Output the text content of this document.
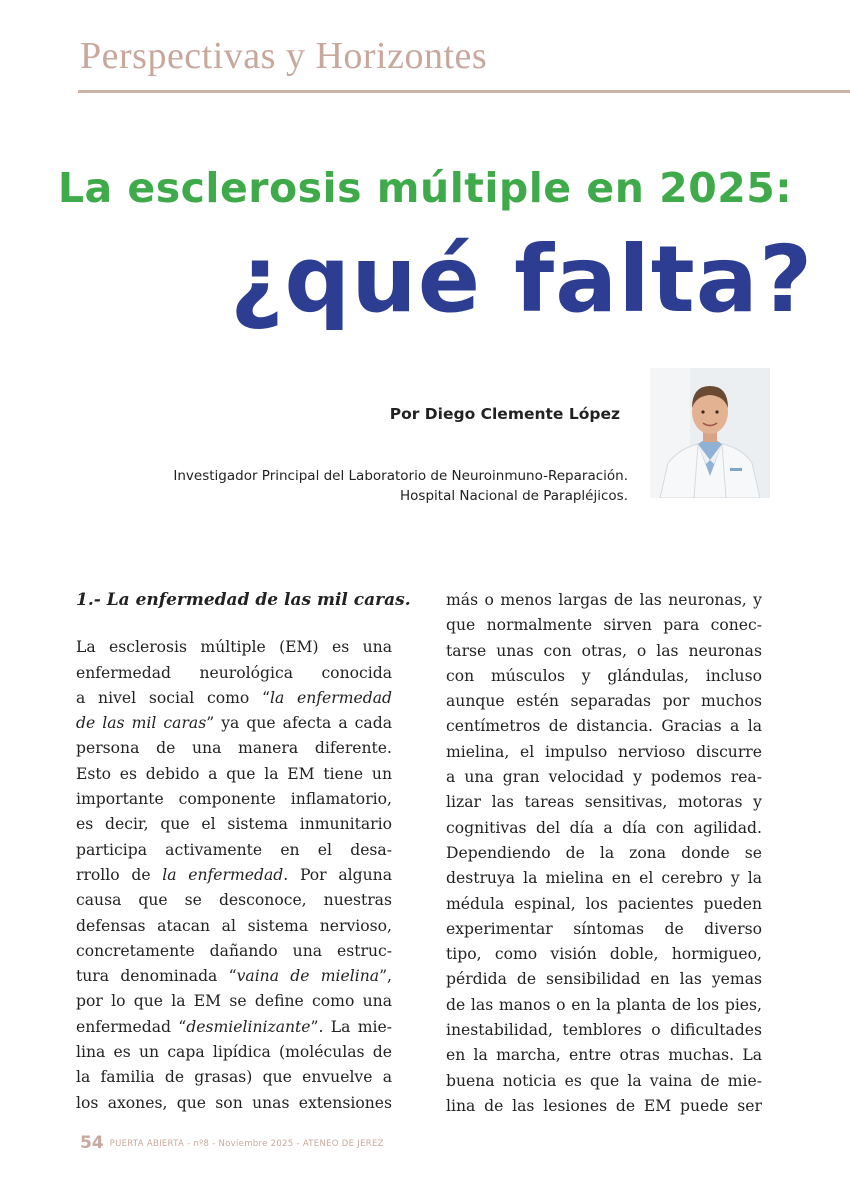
Perspectivas y Horizontes
La esclerosis múltiple en 2025:
¿qué falta?
Por Diego Clemente López
Investigador Principal del Laboratorio de Neuroinmuno-Reparación.
Hospital Nacional de Parapléjicos.
1.- La enfermedad de las mil caras.
La esclerosis múltiple (EM) es una
enfermedad neurológica conocida
a nivel social como “la enfermedad
de las mil caras” ya que afecta a cada
persona de una manera diferente.
Esto es debido a que la EM tiene un
importante componente inflamatorio,
es decir, que el sistema inmunitario
participa activamente en el desa-
rrollo de la enfermedad. Por alguna
causa que se desconoce, nuestras
defensas atacan al sistema nervioso,
concretamente dañando una estruc-
tura denominada “vaina de mielina”,
por lo que la EM se define como una
enfermedad “desmielinizante”. La mie-
lina es un capa lipídica (moléculas de
la familia de grasas) que envuelve a
los axones, que son unas extensiones
más o menos largas de las neuronas, y
que normalmente sirven para conec-
tarse unas con otras, o las neuronas
con músculos y glándulas, incluso
aunque estén separadas por muchos
centímetros de distancia. Gracias a la
mielina, el impulso nervioso discurre
a una gran velocidad y podemos rea-
lizar las tareas sensitivas, motoras y
cognitivas del día a día con agilidad.
Dependiendo de la zona donde se
destruya la mielina en el cerebro y la
médula espinal, los pacientes pueden
experimentar síntomas de diverso
tipo, como visión doble, hormigueo,
pérdida de sensibilidad en las yemas
de las manos o en la planta de los pies,
inestabilidad, temblores o dificultades
en la marcha, entre otras muchas. La
buena noticia es que la vaina de mie-
lina de las lesiones de EM puede ser
54 PUERTA ABIERTA - nº8 - Noviembre 2025 - ATENEO DE JEREZ
